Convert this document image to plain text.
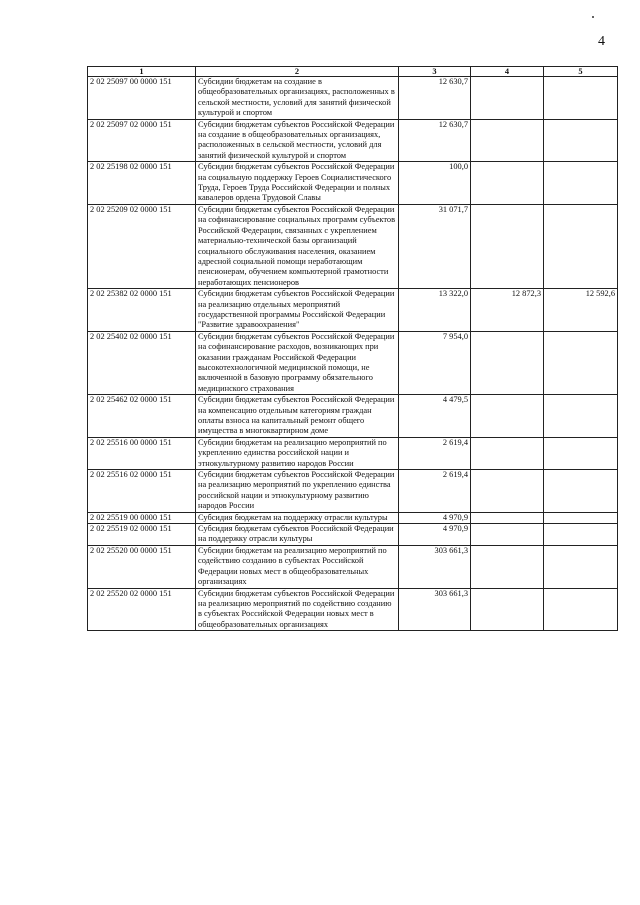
4
1	2	3	4	5
2 02 25097 00 0000 151	Субсидии бюджетам на создание в общеобразовательных организациях, расположенных в сельской местности, условий для занятий физической культурой и спортом	12 630,7		
2 02 25097 02 0000 151	Субсидии бюджетам субъектов Российской Федерации на создание в общеобразовательных организациях, расположенных в сельской местности, условий для занятий физической культурой и спортом	12 630,7		
2 02 25198 02 0000 151	Субсидии бюджетам субъектов Российской Федерации на социальную поддержку Героев Социалистического Труда, Героев Труда Российской Федерации и полных кавалеров ордена Трудовой Славы	100,0		
2 02 25209 02 0000 151	Субсидии бюджетам субъектов Российской Федерации на софинансирование социальных программ субъектов Российской Федерации, связанных с укреплением материально-технической базы организаций социального обслуживания населения, оказанием адресной социальной помощи неработающим пенсионерам, обучением компьютерной грамотности неработающих пенсионеров	31 071,7		
2 02 25382 02 0000 151	Субсидии бюджетам субъектов Российской Федерации на реализацию отдельных мероприятий государственной программы Российской Федерации "Развитие здравоохранения"	13 322,0	12 872,3	12 592,6
2 02 25402 02 0000 151	Субсидии бюджетам субъектов Российской Федерации на софинансирование расходов, возникающих при оказании гражданам Российской Федерации высокотехнологичной медицинской помощи, не включенной в базовую программу обязательного медицинского страхования	7 954,0		
2 02 25462 02 0000 151	Субсидии бюджетам субъектов Российской Федерации на компенсацию отдельным категориям граждан оплаты взноса на капитальный ремонт общего имущества в многоквартирном доме	4 479,5		
2 02 25516 00 0000 151	Субсидии бюджетам на реализацию мероприятий по укреплению единства российской нации и этнокультурному развитию народов России	2 619,4		
2 02 25516 02 0000 151	Субсидии бюджетам субъектов Российской Федерации на реализацию мероприятий по укреплению единства российской нации и этнокультурному развитию народов России	2 619,4		
2 02 25519 00 0000 151	Субсидия бюджетам на поддержку отрасли культуры	4 970,9		
2 02 25519 02 0000 151	Субсидия бюджетам субъектов Российской Федерации на поддержку отрасли культуры	4 970,9		
2 02 25520 00 0000 151	Субсидии бюджетам на реализацию мероприятий по содействию созданию в субъектах Российской Федерации новых мест в общеобразовательных организациях	303 661,3		
2 02 25520 02 0000 151	Субсидии бюджетам субъектов Российской Федерации на реализацию мероприятий по содействию созданию в субъектах Российской Федерации новых мест в общеобразовательных организациях	303 661,3		
